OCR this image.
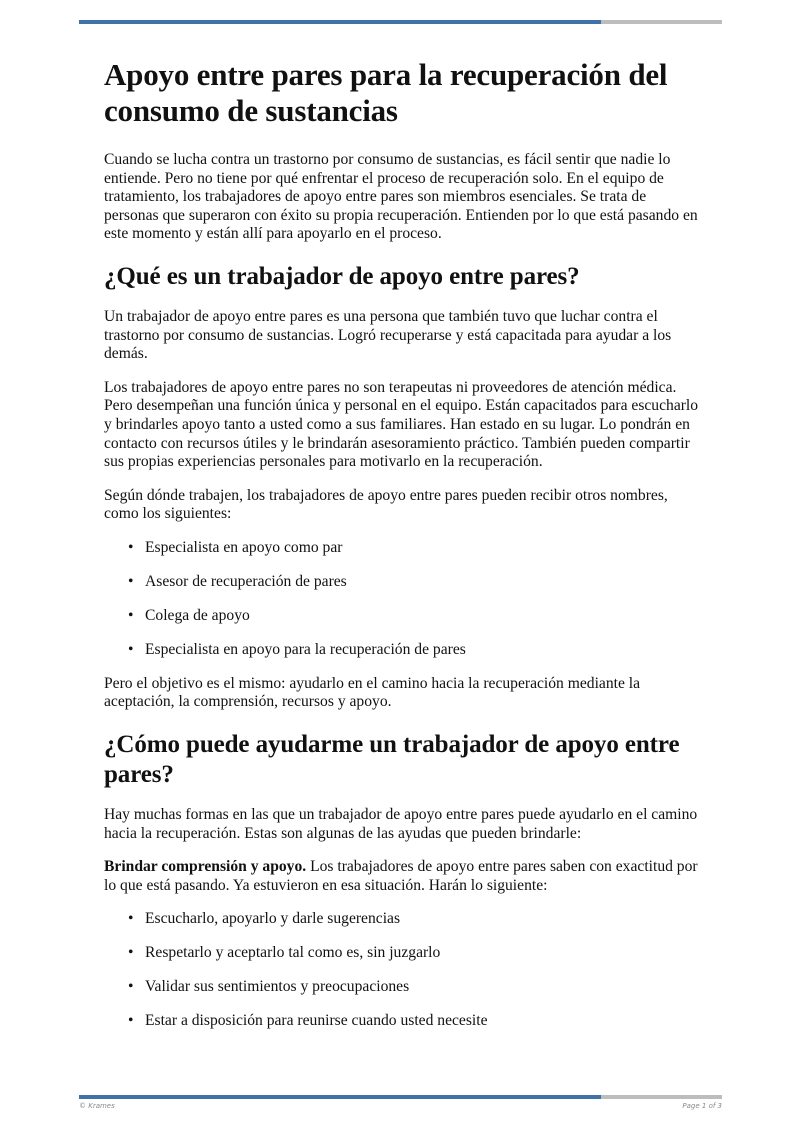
Apoyo entre pares para la recuperación del consumo de sustancias

Cuando se lucha contra un trastorno por consumo de sustancias, es fácil sentir que nadie lo entiende. Pero no tiene por qué enfrentar el proceso de recuperación solo. En el equipo de tratamiento, los trabajadores de apoyo entre pares son miembros esenciales. Se trata de personas que superaron con éxito su propia recuperación. Entienden por lo que está pasando en este momento y están allí para apoyarlo en el proceso.

¿Qué es un trabajador de apoyo entre pares?

Un trabajador de apoyo entre pares es una persona que también tuvo que luchar contra el trastorno por consumo de sustancias. Logró recuperarse y está capacitada para ayudar a los demás.

Los trabajadores de apoyo entre pares no son terapeutas ni proveedores de atención médica. Pero desempeñan una función única y personal en el equipo. Están capacitados para escucharlo y brindarles apoyo tanto a usted como a sus familiares. Han estado en su lugar. Lo pondrán en contacto con recursos útiles y le brindarán asesoramiento práctico. También pueden compartir sus propias experiencias personales para motivarlo en la recuperación.

Según dónde trabajen, los trabajadores de apoyo entre pares pueden recibir otros nombres, como los siguientes:

• Especialista en apoyo como par
• Asesor de recuperación de pares
• Colega de apoyo
• Especialista en apoyo para la recuperación de pares

Pero el objetivo es el mismo: ayudarlo en el camino hacia la recuperación mediante la aceptación, la comprensión, recursos y apoyo.

¿Cómo puede ayudarme un trabajador de apoyo entre pares?

Hay muchas formas en las que un trabajador de apoyo entre pares puede ayudarlo en el camino hacia la recuperación. Estas son algunas de las ayudas que pueden brindarle:

Brindar comprensión y apoyo. Los trabajadores de apoyo entre pares saben con exactitud por lo que está pasando. Ya estuvieron en esa situación. Harán lo siguiente:

• Escucharlo, apoyarlo y darle sugerencias
• Respetarlo y aceptarlo tal como es, sin juzgarlo
• Validar sus sentimientos y preocupaciones
• Estar a disposición para reunirse cuando usted necesite
© Krames	Page 1 of 3
